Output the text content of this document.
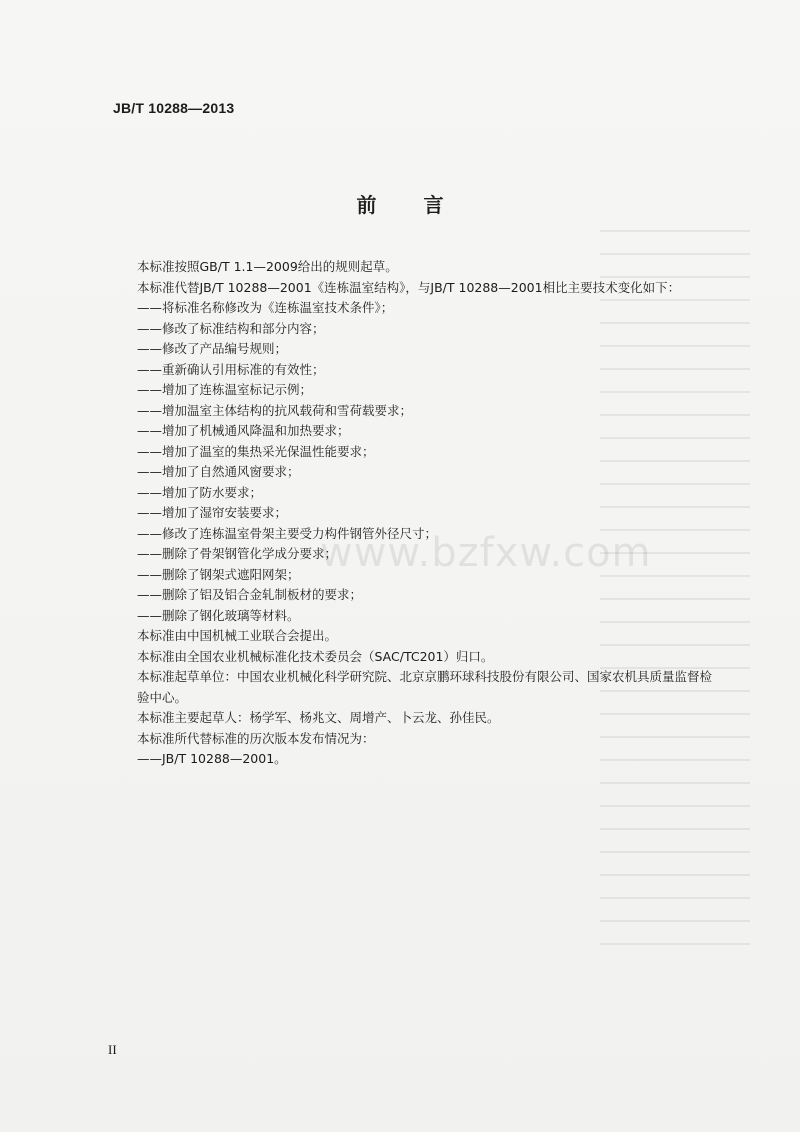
www.bzfxw.com
JB/T 10288—2013
前 言

本标准按照GB/T 1.1—2009给出的规则起草。

本标准代替JB/T 10288—2001《连栋温室结构》，与JB/T 10288—2001相比主要技术变化如下：

——将标准名称修改为《连栋温室技术条件》；

——修改了标准结构和部分内容；

——修改了产品编号规则；

——重新确认引用标准的有效性；

——增加了连栋温室标记示例；

——增加温室主体结构的抗风载荷和雪荷载要求；

——增加了机械通风降温和加热要求；

——增加了温室的集热采光保温性能要求；

——增加了自然通风窗要求；

——增加了防水要求；

——增加了湿帘安装要求；

——修改了连栋温室骨架主要受力构件钢管外径尺寸；

——删除了骨架钢管化学成分要求；

——删除了钢架式遮阳网架；

——删除了铝及铝合金轧制板材的要求；

——删除了钢化玻璃等材料。

本标准由中国机械工业联合会提出。

本标准由全国农业机械标准化技术委员会（SAC/TC201）归口。

本标准起草单位：中国农业机械化科学研究院、北京京鹏环球科技股份有限公司、国家农机具质量监督检验中心。

本标准主要起草人：杨学军、杨兆文、周增产、卜云龙、孙佳民。

本标准所代替标准的历次版本发布情况为：

——JB/T 10288—2001。

II
